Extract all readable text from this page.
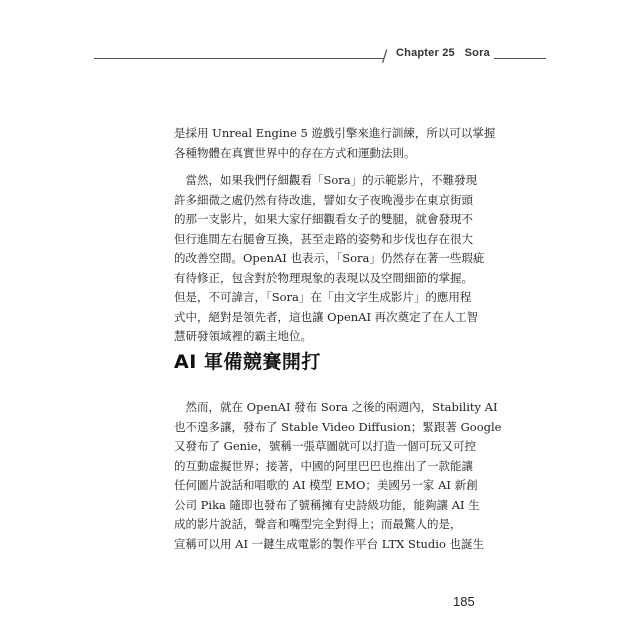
/ Chapter 25 Sora
是採用 Unreal Engine 5 遊戲引擎來進行訓練，所以可以掌握
各種物體在真實世界中的存在方式和運動法則。
　當然，如果我們仔細觀看「Sora」的示範影片，不難發現
許多細微之處仍然有待改進，譬如女子夜晚漫步在東京街頭
的那一支影片，如果大家仔細觀看女子的雙腿，就會發現不
但行進間左右腿會互換，甚至走路的姿勢和步伐也存在很大
的改善空間。OpenAI 也表示，「Sora」仍然存在著一些瑕疵
有待修正，包含對於物理現象的表現以及空間細節的掌握。
但是，不可諱言，「Sora」在「由文字生成影片」的應用程
式中，絕對是領先者，這也讓 OpenAI 再次奠定了在人工智
慧研發領域裡的霸主地位。
AI 軍備競賽開打
　然而，就在 OpenAI 發布 Sora 之後的兩週內，Stability AI
也不遑多讓，發布了 Stable Video Diffusion；緊跟著 Google
又發布了 Genie，號稱一張草圖就可以打造一個可玩又可控
的互動虛擬世界；接著，中國的阿里巴巴也推出了一款能讓
任何圖片說話和唱歌的 AI 模型 EMO；美國另一家 AI 新創
公司 Pika 隨即也發布了號稱擁有史詩級功能，能夠讓 AI 生
成的影片說話，聲音和嘴型完全對得上；而最驚人的是，
宣稱可以用 AI 一鍵生成電影的製作平台 LTX Studio 也誕生
185
